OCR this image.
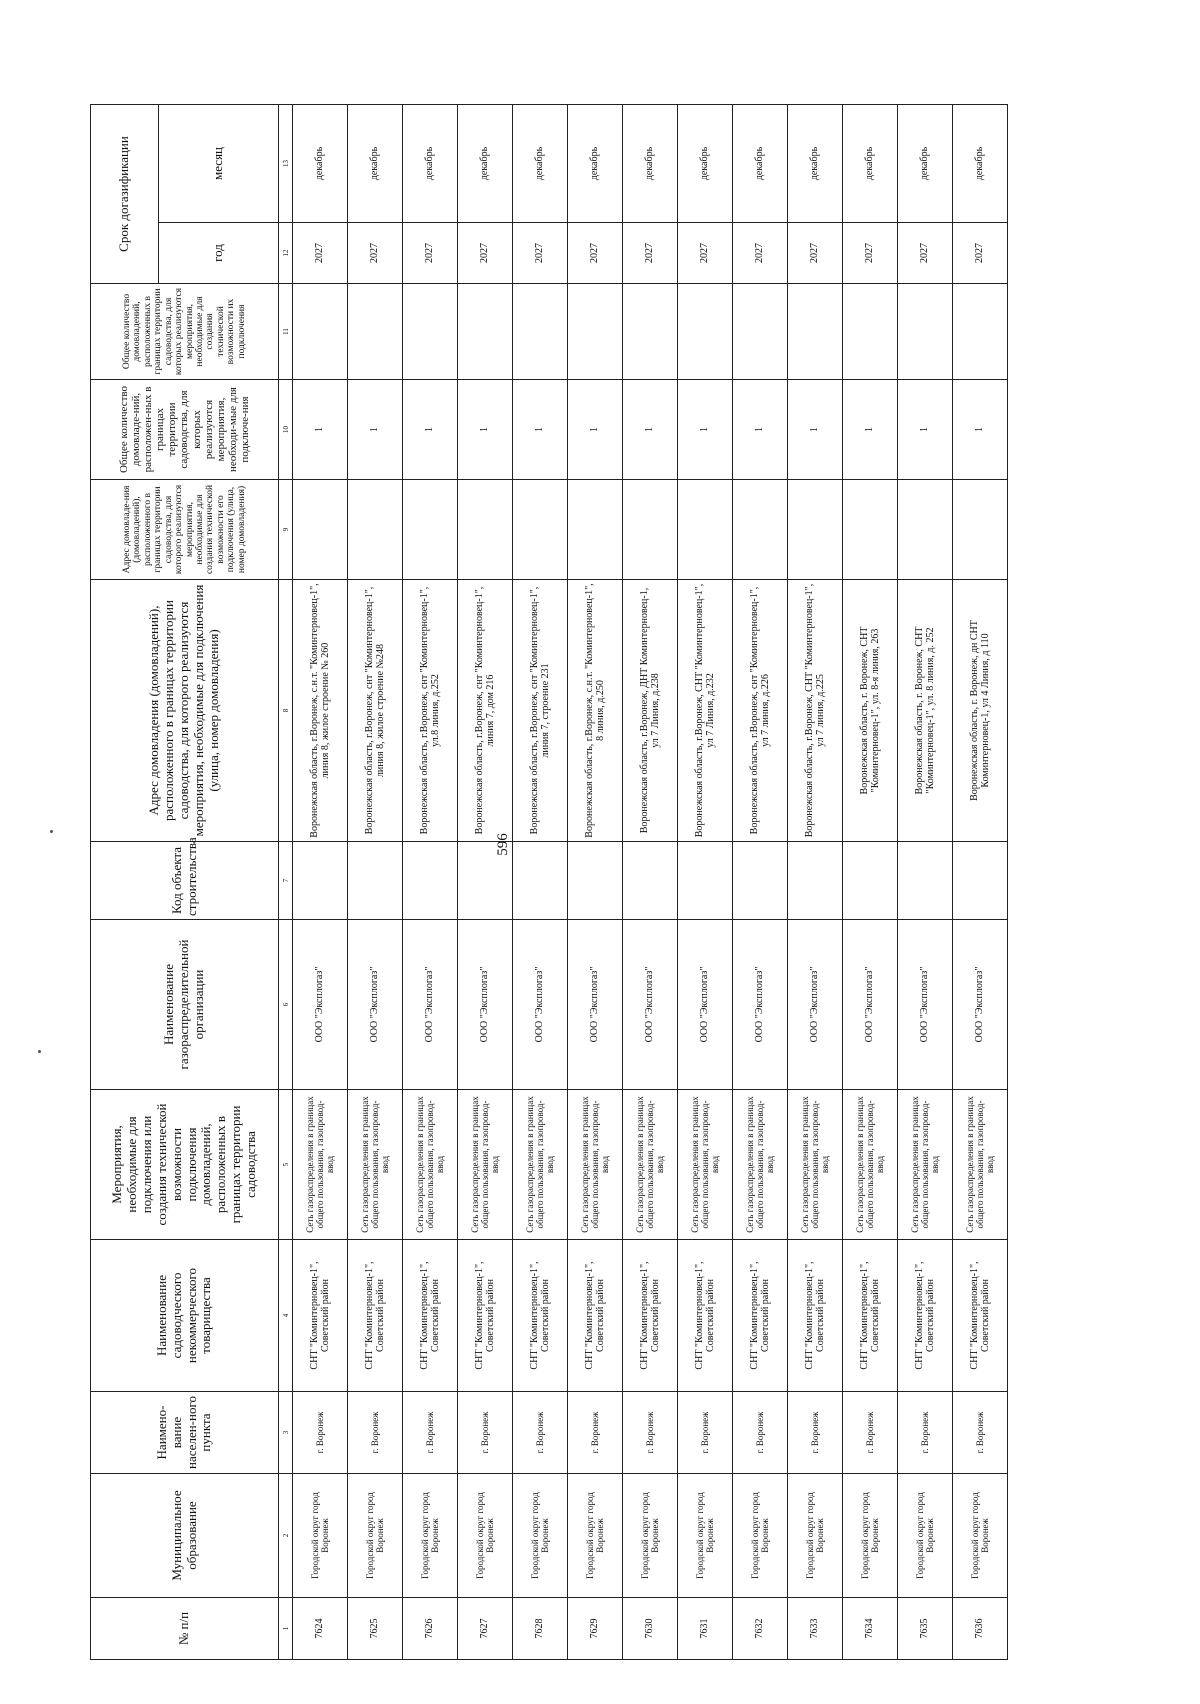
596
№ п/п	Муниципальное образование	Наимено-вание населен-ного пункта	Наименование садоводческого некоммерческого товарищества	Мероприятия, необходимые для подключения или создания технической возможности подключения домовладений, расположенных в границах территории садоводства	Наименование газораспределительной организации	Код объекта строительства	Адрес домовладения (домовладений), расположенного в границах территории садоводства, для которого реализуются мероприятия, необходимые для подключения (улица, номер домовладения)	Адрес домовладе-ния (домовладений), расположенного в границах территории садоводства, для которого реализуются мероприятия, необходимые для создания технической возможности его подключения (улица, номер домовладения)	Общее количество домовладе-ний, расположен-ных в границах территории садоводства, для которых реализуются мероприятия, необходи-мые для подключе-ния	Общее количество домовладений, расположенных в границах территории садоводства, для которых реализуются мероприятия, необходимые для создания технической возможности их подключения	Срок догазификации	
											год	месяц
1	2	3	4	5	6	7	8	9	10	11	12	13
7624	Городской округ город Воронеж	г. Воронеж	СНТ "Коминтерновец-1", Советский район	Сеть газораспределения в границах общего пользования, газопровод-ввод	ООО "Эксплогаз"		Воронежская область, г.Воронеж, с.н.т. "Коминтерновец-1", линия 8, жилое строение № 260		1		2027	декабрь
7625	Городской округ город Воронеж	г. Воронеж	СНТ "Коминтерновец-1", Советский район	Сеть газораспределения в границах общего пользования, газопровод-ввод	ООО "Эксплогаз"		Воронежская область, г.Воронеж, снт "Коминтерновец-1", линия 8, жилое строение №248		1		2027	декабрь
7626	Городской округ город Воронеж	г. Воронеж	СНТ "Коминтерновец-1", Советский район	Сеть газораспределения в границах общего пользования, газопровод-ввод	ООО "Эксплогаз"		Воронежская область, г.Воронеж, снт "Коминтерновец-1", ул.8 линия, д.252		1		2027	декабрь
7627	Городской округ город Воронеж	г. Воронеж	СНТ "Коминтерновец-1", Советский район	Сеть газораспределения в границах общего пользования, газопровод-ввод	ООО "Эксплогаз"		Воронежская область, г.Воронеж, снт "Коминтерновец-1", линия 7, дом 216		1		2027	декабрь
7628	Городской округ город Воронеж	г. Воронеж	СНТ "Коминтерновец-1", Советский район	Сеть газораспределения в границах общего пользования, газопровод-ввод	ООО "Эксплогаз"		Воронежская область, г.Воронеж, снт "Коминтерновец-1", линия 7, строение 231		1		2027	декабрь
7629	Городской округ город Воронеж	г. Воронеж	СНТ "Коминтерновец-1", Советский район	Сеть газораспределения в границах общего пользования, газопровод-ввод	ООО "Эксплогаз"		Воронежская область, г.Воронеж, с.н.т. "Коминтерновец-1", 8 линия, д.250		1		2027	декабрь
7630	Городской округ город Воронеж	г. Воронеж	СНТ "Коминтерновец-1", Советский район	Сеть газораспределения в границах общего пользования, газопровод-ввод	ООО "Эксплогаз"		Воронежская область, г.Воронеж, ДНТ Коминтерновец-1, ул 7 Линия, д.238		1		2027	декабрь
7631	Городской округ город Воронеж	г. Воронеж	СНТ "Коминтерновец-1", Советский район	Сеть газораспределения в границах общего пользования, газопровод-ввод	ООО "Эксплогаз"		Воронежская область, г.Воронеж, СНТ "Коминтерновец-1", ул 7 Линия, д.232		1		2027	декабрь
7632	Городской округ город Воронеж	г. Воронеж	СНТ "Коминтерновец-1", Советский район	Сеть газораспределения в границах общего пользования, газопровод-ввод	ООО "Эксплогаз"		Воронежская область, г.Воронеж, снт "Коминтерновец-1", ул 7 линия, д.226		1		2027	декабрь
7633	Городской округ город Воронеж	г. Воронеж	СНТ "Коминтерновец-1", Советский район	Сеть газораспределения в границах общего пользования, газопровод-ввод	ООО "Эксплогаз"		Воронежская область, г.Воронеж, СНТ "Коминтерновец-1", ул 7 линия, д.225		1		2027	декабрь
7634	Городской округ город Воронеж	г. Воронеж	СНТ "Коминтерновец-1", Советский район	Сеть газораспределения в границах общего пользования, газопровод-ввод	ООО "Эксплогаз"		Воронежская область, г. Воронеж, СНТ "Коминтерновец-1", ул. 8-я линия, 263		1		2027	декабрь
7635	Городской округ город Воронеж	г. Воронеж	СНТ "Коминтерновец-1", Советский район	Сеть газораспределения в границах общего пользования, газопровод-ввод	ООО "Эксплогаз"		Воронежская область, г. Воронеж, СНТ "Коминтерновец-1", ул. 8 линия, д. 252		1		2027	декабрь
7636	Городской округ город Воронеж	г. Воронеж	СНТ "Коминтерновец-1", Советский район	Сеть газораспределения в границах общего пользования, газопровод-ввод	ООО "Эксплогаз"		Воронежская область, г. Воронеж, дн СНТ Коминтерновец-1, ул 4 Линия, д 110		1		2027	декабрь
